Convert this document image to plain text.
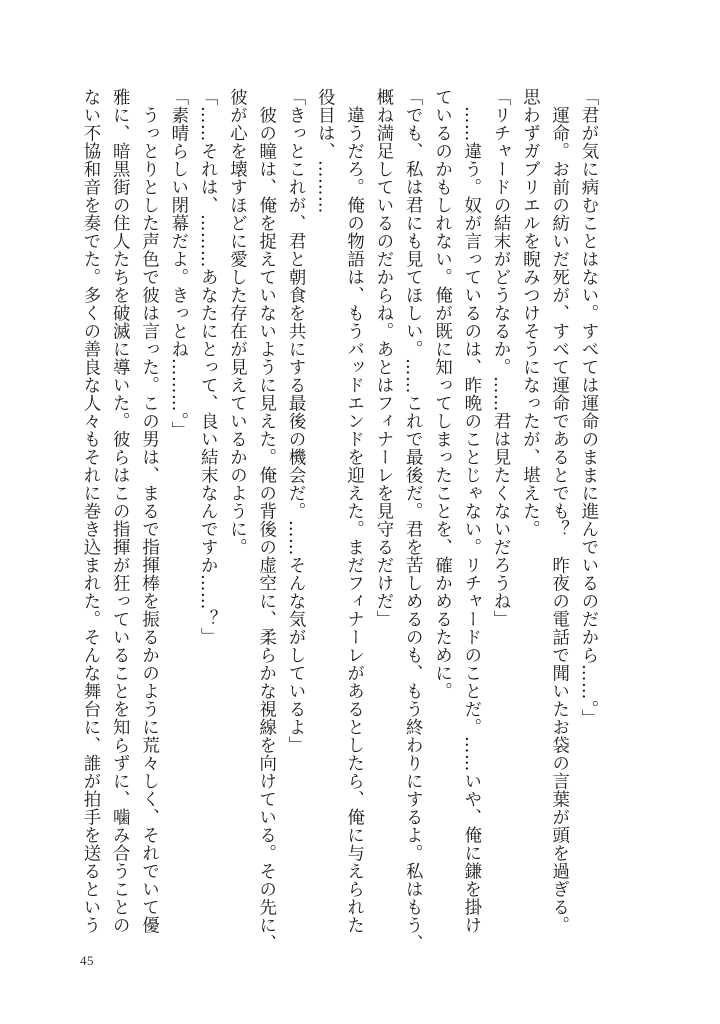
「君が気に病むことはない。すべては運命のままに進んでいるのだから……。」
　運命。お前の紡いだ死が、すべて運命であるとでも？　昨夜の電話で聞いたお袋の言葉が頭を過ぎる。
思わずガブリエルを睨みつけそうになったが、堪えた。
「リチャードの結末がどうなるか。……君は見たくないだろうね」
　……違う。奴が言っているのは、昨晩のことじゃない。リチャードのことだ。……いや、俺に鎌を掛け
ているのかもしれない。俺が既に知ってしまったことを、確かめるために。
「でも、私は君にも見てほしい。……これで最後だ。君を苦しめるのも、もう終わりにするよ。私はもう、
概ね満足しているのだからね。あとはフィナーレを見守るだけだ」
　違うだろ。俺の物語は、もうバッドエンドを迎えた。まだフィナーレがあるとしたら、俺に与えられた
役目は、………
「きっとこれが、君と朝食を共にする最後の機会だ。……そんな気がしているよ」
　彼の瞳は、俺を捉えていないように見えた。俺の背後の虚空に、柔らかな視線を向けている。その先に、
彼が心を壊すほどに愛した存在が見えているかのように。
「……それは、………あなたにとって、良い結末なんですか……？」
「素晴らしい閉幕だよ。きっとね………。」
　うっとりとした声色で彼は言った。この男は、まるで指揮棒を振るかのように荒々しく、それでいて優
雅に、暗黒街の住人たちを破滅に導いた。彼らはこの指揮が狂っていることを知らずに、噛み合うことの
ない不協和音を奏でた。多くの善良な人々もそれに巻き込まれた。そんな舞台に、誰が拍手を送るという
45
